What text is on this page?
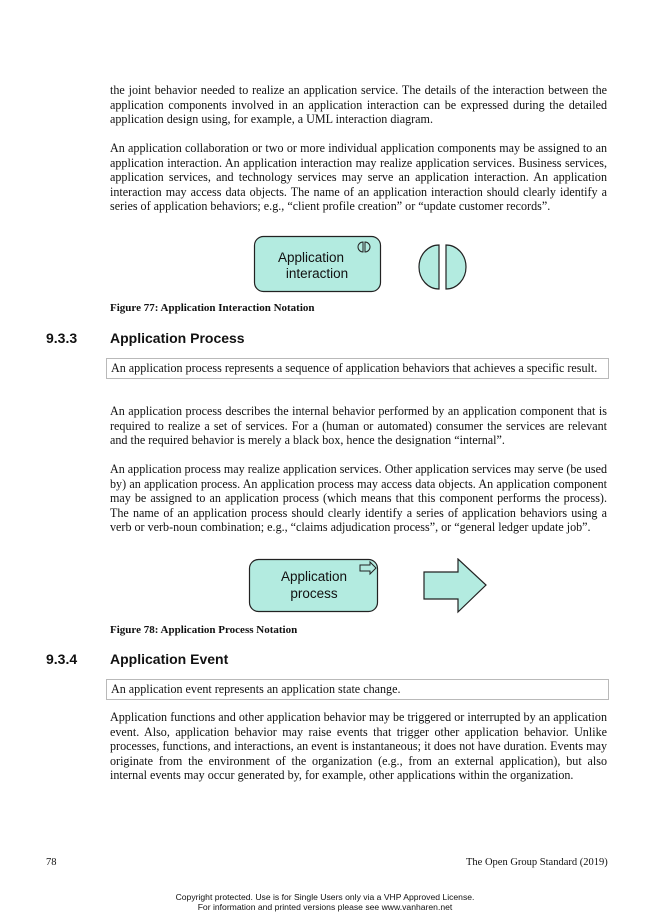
the joint behavior needed to realize an application service. The details of the interaction between the application components involved in an application interaction can be expressed during the detailed application design using, for example, a UML interaction diagram.

An application collaboration or two or more individual application components may be assigned to an application interaction. An application interaction may realize application services. Business services, application services, and technology services may serve an application interaction. An application interaction may access data objects. The name of an application interaction should clearly identify a series of application behaviors; e.g., “client profile creation” or “update customer records”.

Application
interaction
Figure 77: Application Interaction Notation
9.3.3 Application Process
An application process represents a sequence of application behaviors that achieves a specific result.

An application process describes the internal behavior performed by an application component that is required to realize a set of services. For a (human or automated) consumer the services are relevant and the required behavior is merely a black box, hence the designation “internal”.

An application process may realize application services. Other application services may serve (be used by) an application process. An application process may access data objects. An application component may be assigned to an application process (which means that this component performs the process). The name of an application process should clearly identify a series of application behaviors using a verb or verb-noun combination; e.g., “claims adjudication process”, or “general ledger update job”.

Application
process
Figure 78: Application Process Notation
9.3.4 Application Event
An application event represents an application state change.

Application functions and other application behavior may be triggered or interrupted by an application event. Also, application behavior may raise events that trigger other application behavior. Unlike processes, functions, and interactions, an event is instantaneous; it does not have duration. Events may originate from the environment of the organization (e.g., from an external application), but also internal events may occur generated by, for example, other applications within the organization.

78	The Open Group Standard (2019)
Copyright protected. Use is for Single Users only via a VHP Approved License.
For information and printed versions please see www.vanharen.net
